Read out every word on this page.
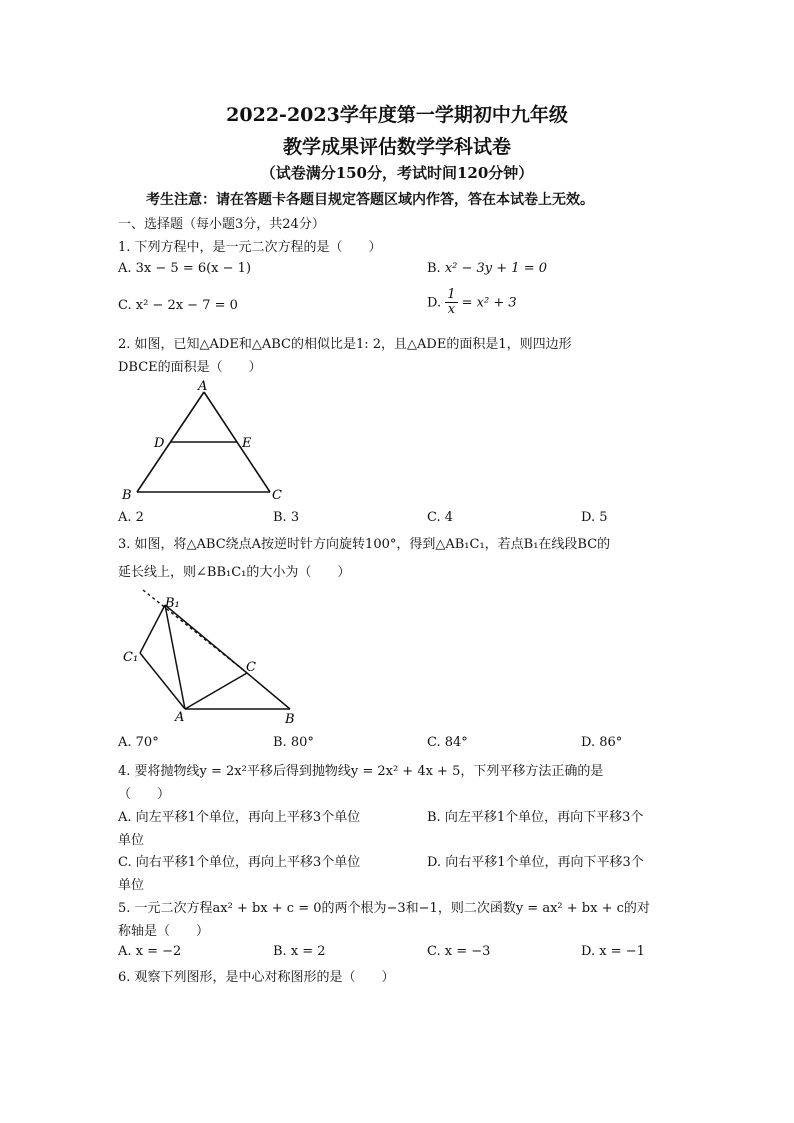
2022-2023学年度第一学期初中九年级
教学成果评估数学学科试卷
（试卷满分150分，考试时间120分钟）
考生注意：请在答题卡各题目规定答题区域内作答，答在本试卷上无效。
一、选择题（每小题3分，共24分）
1. 下列方程中，是一元二次方程的是（　　）
A. 3x − 5 = 6(x − 1)	B. x² − 3y + 1 = 0
C. x² − 2x − 7 = 0	D. $\frac{1}{x} = x^2 + 3$
2. 如图，已知△ADE和△ABC的相似比是1: 2，且△ADE的面积是1，则四边形
DBCE的面积是（　　）
A
D	E
B	C
A. 2	B. 3	C. 4	D. 5
3. 如图，将△ABC绕点A按逆时针方向旋转100°，得到△AB₁C₁，若点B₁在线段BC的
延长线上，则∠BB₁C₁的大小为（　　）
B₁
C₁
C
A	B
A. 70°	B. 80°	C. 84°	D. 86°
4. 要将抛物线y = 2x²平移后得到抛物线y = 2x² + 4x + 5，下列平移方法正确的是
（　　）
A. 向左平移1个单位，再向上平移3个单位	B. 向左平移1个单位，再向下平移3个
单位
C. 向右平移1个单位，再向上平移3个单位	D. 向右平移1个单位，再向下平移3个
单位
5. 一元二次方程ax² + bx + c = 0的两个根为−3和−1，则二次函数y = ax² + bx + c的对
称轴是（　　）
A. x = −2	B. x = 2	C. x = −3	D. x = −1
6. 观察下列图形，是中心对称图形的是（　　）
